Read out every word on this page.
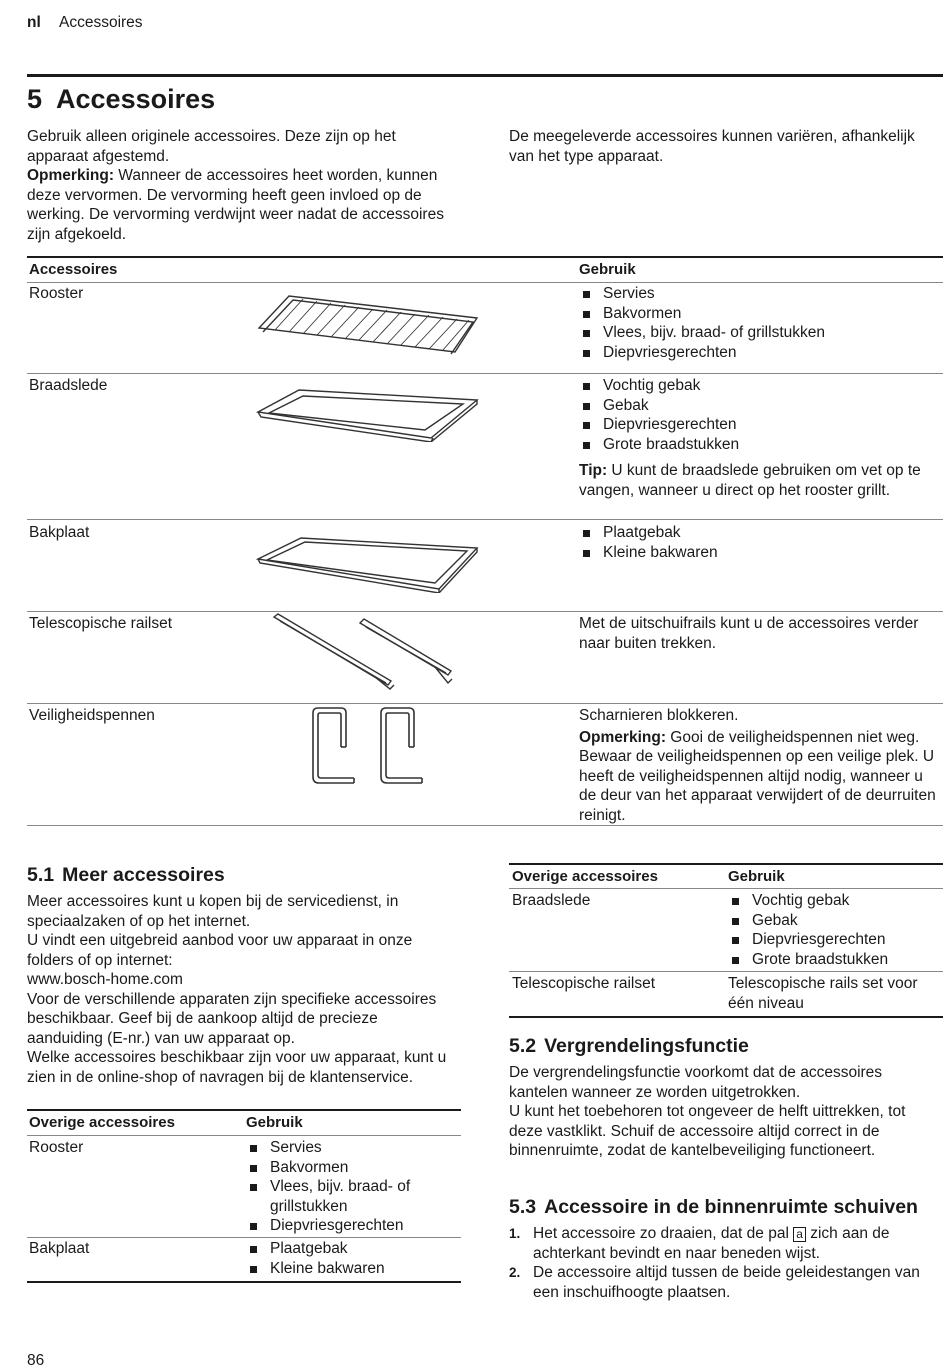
nl Accessoires
5 Accessoires

Gebruik alleen originele accessoires. Deze zijn op het apparaat afgestemd.

Opmerking: Wanneer de accessoires heet worden, kunnen deze vervormen. De vervorming heeft geen invloed op de werking. De vervorming verdwijnt weer nadat de accessoires zijn afgekoeld.

De meegeleverde accessoires kunnen variëren, afhankelijk van het type apparaat.
Accessoires	Gebruik
Rooster	Servies
Bakvormen
Vlees, bijv. braad- of grillstukken
Diepvriesgerechten
Braadslede	Vochtig gebak
Gebak
Diepvriesgerechten
Grote braadstukken

Tip: U kunt de braadslede gebruiken om vet op te vangen, wanneer u direct op het rooster grillt.

Bakplaat	Plaatgebak
Kleine bakwaren
Telescopische railset	Met de uitschuifrails kunt u de accessoires verder naar buiten trekken.

Veiligheidspennen	Scharnieren blokkeren.

Opmerking: Gooi de veiligheidspennen niet weg. Bewaar de veiligheidspennen op een veilige plek. U heeft de veiligheidspennen altijd nodig, wanneer u de deur van het apparaat verwijdert of de deurruiten reinigt.

5.1 Meer accessoires

Meer accessoires kunt u kopen bij de servicedienst, in speciaalzaken of op het internet.

U vindt een uitgebreid aanbod voor uw apparaat in onze folders of op internet:

www.bosch-home.com

Voor de verschillende apparaten zijn specifieke accessoires beschikbaar. Geef bij de aankoop altijd de precieze aanduiding (E-nr.) van uw apparaat op.

Welke accessoires beschikbaar zijn voor uw apparaat, kunt u zien in de online-shop of navragen bij de klantenservice.

Overige accessoires	Gebruik
Rooster	Servies
Bakvormen
Vlees, bijv. braad- of grillstukken
Diepvriesgerechten
Bakplaat	Plaatgebak
Kleine bakwaren
Overige accessoires	Gebruik
Braadslede	Vochtig gebak
Gebak
Diepvriesgerechten
Grote braadstukken
Telescopische railset	Telescopische rails set voor één niveau

5.2 Vergrendelingsfunctie

De vergrendelingsfunctie voorkomt dat de accessoires kantelen wanneer ze worden uitgetrokken.

U kunt het toebehoren tot ongeveer de helft uittrekken, tot deze vastklikt. Schuif de accessoire altijd correct in de binnenruimte, zodat de kantelbeveiliging functioneert.

5.3 Accessoire in de binnenruimte schuiven
1. Het accessoire zo draaien, dat de pal a zich aan de achterkant bevindt en naar beneden wijst.
2. De accessoire altijd tussen de beide geleidestangen van een inschuifhoogte plaatsen.
86
